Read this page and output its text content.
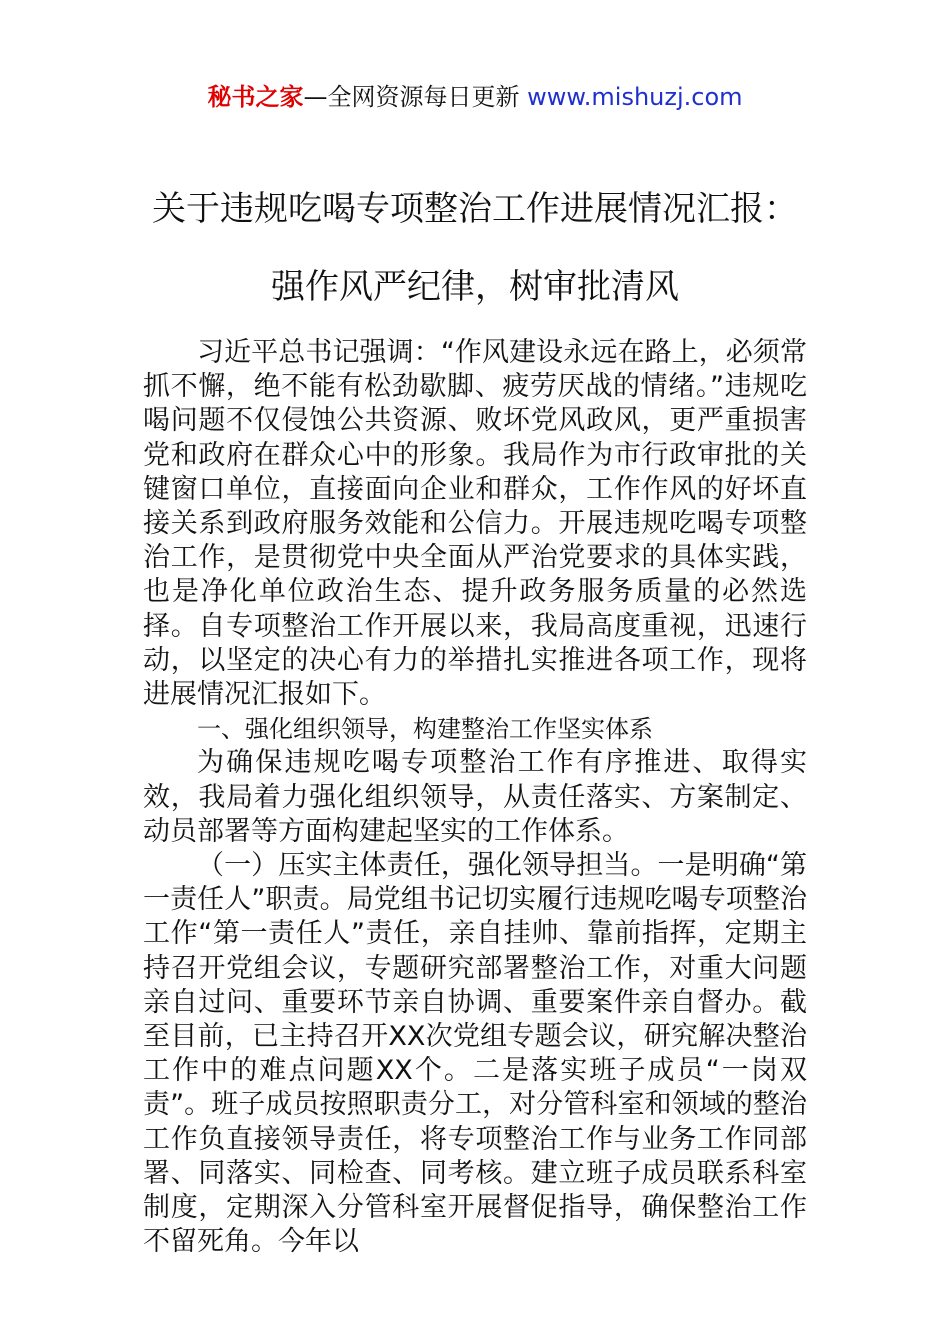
秘书之家—全网资源每日更新 www.mishuzj.com
关于违规吃喝专项整治工作进展情况汇报：
强作风严纪律，树审批清风

习近平总书记强调：“作风建设永远在路上，必须常抓不懈，绝不能有松劲歇脚、疲劳厌战的情绪。”违规吃喝问题不仅侵蚀公共资源、败坏党风政风，更严重损害党和政府在群众心中的形象。我局作为市行政审批的关键窗口单位，直接面向企业和群众，工作作风的好坏直接关系到政府服务效能和公信力。开展违规吃喝专项整治工作，是贯彻党中央全面从严治党要求的具体实践，也是净化单位政治生态、提升政务服务质量的必然选择。自专项整治工作开展以来，我局高度重视，迅速行动，以坚定的决心有力的举措扎实推进各项工作，现将进展情况汇报如下。

一、强化组织领导，构建整治工作坚实体系

为确保违规吃喝专项整治工作有序推进、取得实效，我局着力强化组织领导，从责任落实、方案制定、动员部署等方面构建起坚实的工作体系。

（一）压实主体责任，强化领导担当。一是明确“第一责任人”职责。局党组书记切实履行违规吃喝专项整治工作“第一责任人”责任，亲自挂帅、靠前指挥，定期主持召开党组会议，专题研究部署整治工作，对重大问题亲自过问、重要环节亲自协调、重要案件亲自督办。截至目前，已主持召开XX次党组专题会议，研究解决整治工作中的难点问题XX个。二是落实班子成员“一岗双责”。班子成员按照职责分工，对分管科室和领域的整治工作负直接领导责任，将专项整治工作与业务工作同部署、同落实、同检查、同考核。建立班子成员联系科室制度，定期深入分管科室开展督促指导，确保整治工作不留死角。今年以
